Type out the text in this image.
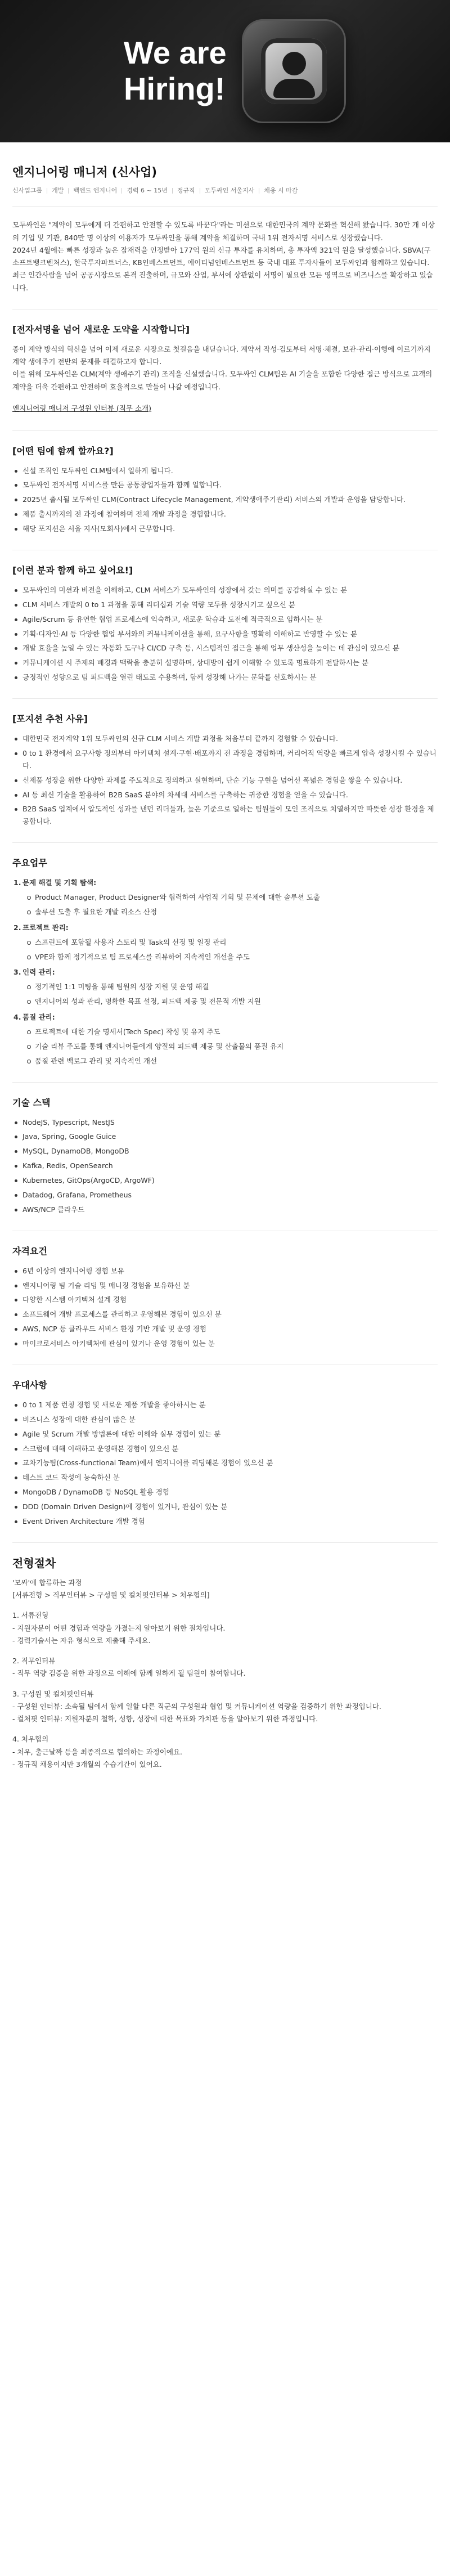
We are
Hiring!
엔지니어링 매니저 (신사업)
신사업그룹 개발 백엔드 엔지니어 경력 6 ~ 15년 정규직 모두싸인 서울지사 채용 시 마감

모두싸인은 "계약이 모두에게 더 간편하고 안전할 수 있도록 바꾼다"라는 미션으로 대한민국의 계약 문화를 혁신해 왔습니다. 30만 개 이상의 기업 및 기관, 840만 명 이상의 이용자가 모두싸인을 통해 계약을 체결하며 국내 1위 전자서명 서비스로 성장했습니다.

2024년 4월에는 빠른 성장과 높은 잠재력을 인정받아 177억 원의 신규 투자를 유치하며, 총 투자액 321억 원을 달성했습니다. SBVA(구 소프트뱅크벤처스), 한국투자파트너스, KB인베스트먼트, 에이티넘인베스트먼트 등 국내 대표 투자사들이 모두싸인과 함께하고 있습니다.

최근 인간사람을 넘어 공공시장으로 본격 진출하며, 규모와 산업, 부서에 상관없이 서명이 필요한 모든 영역으로 비즈니스를 확장하고 있습니다.

[전자서명을 넘어 새로운 도약을 시작합니다]

종이 계약 방식의 혁신을 넘어 이제 새로운 시장으로 첫걸음을 내딛습니다. 계약서 작성·검토부터 서명·체결, 보관·관리·이행에 이르기까지 계약 생애주기 전반의 문제를 해결하고자 합니다.

이를 위해 모두싸인은 CLM(계약 생애주기 관리) 조직을 신설했습니다. 모두싸인 CLM팀은 AI 기술을 포함한 다양한 접근 방식으로 고객의 계약을 더욱 간편하고 안전하며 효율적으로 만들어 나갈 예정입니다.

엔지니어링 매니저 구성원 인터뷰 (직무 소개)
[어떤 팀에 함께 할까요?]
신설 조직인 모두싸인 CLM팀에서 일하게 됩니다.
모두싸인 전자서명 서비스를 만든 공동창업자들과 함께 일합니다.
2025년 출시될 모두싸인 CLM(Contract Lifecycle Management, 계약생애주기관리) 서비스의 개발과 운영을 담당합니다.
제품 출시까지의 전 과정에 참여하며 전체 개발 과정을 경험합니다.
해당 포지션은 서울 지사(모회사)에서 근무합니다.
[이런 분과 함께 하고 싶어요!]
모두싸인의 미션과 비전을 이해하고, CLM 서비스가 모두싸인의 성장에서 갖는 의미를 공감하실 수 있는 분
CLM 서비스 개발의 0 to 1 과정을 통해 리더십과 기술 역량 모두를 성장시키고 싶으신 분
Agile/Scrum 등 유연한 협업 프로세스에 익숙하고, 새로운 학습과 도전에 적극적으로 임하시는 분
기획·디자인·AI 등 다양한 협업 부서와의 커뮤니케이션을 통해, 요구사항을 명확히 이해하고 반영할 수 있는 분
개발 효율을 높일 수 있는 자동화 도구나 CI/CD 구축 등, 시스템적인 접근을 통해 업무 생산성을 높이는 데 관심이 있으신 분
커뮤니케이션 시 주제의 배경과 맥락을 충분히 설명하며, 상대방이 쉽게 이해할 수 있도록 명료하게 전달하시는 분
긍정적인 성향으로 팀 피드백을 열린 태도로 수용하며, 함께 성장해 나가는 문화를 선호하시는 분
[포지션 추천 사유]
대한민국 전자계약 1위 모두싸인의 신규 CLM 서비스 개발 과정을 처음부터 끝까지 경험할 수 있습니다.
0 to 1 환경에서 요구사항 정의부터 아키텍처 설계·구현·배포까지 전 과정을 경험하며, 커리어적 역량을 빠르게 압축 성장시킬 수 있습니다.
신제품 성장을 위한 다양한 과제를 주도적으로 정의하고 실현하며, 단순 기능 구현을 넘어선 폭넓은 경험을 쌓을 수 있습니다.
AI 등 최신 기술을 활용하여 B2B SaaS 분야의 차세대 서비스를 구축하는 귀중한 경험을 얻을 수 있습니다.
B2B SaaS 업계에서 압도적인 성과를 낸던 리더들과, 높은 기준으로 일하는 팀원들이 모인 조직으로 치열하지만 따뜻한 성장 환경을 제공합니다.
주요업무
1. 문제 해결 및 기획 탐색:
Product Manager, Product Designer와 협력하여 사업적 기회 및 문제에 대한 솔루션 도출
솔루션 도출 후 필요한 개발 리소스 산정
2. 프로젝트 관리:
스프린트에 포함될 사용자 스토리 및 Task의 선정 및 일정 관리
VPE와 함께 정기적으로 팀 프로세스를 리뷰하여 지속적인 개선을 주도
3. 인력 관리:
정기적인 1:1 미팅을 통해 팀원의 성장 지원 및 운영 해결
엔지니어의 성과 관리, 명확한 목표 설정, 피드백 제공 및 전문적 개발 지원
4. 품질 관리:
프로젝트에 대한 기술 명세서(Tech Spec) 작성 및 유지 주도
기술 리뷰 주도를 통해 엔지니어들에게 양질의 피드백 제공 및 산출물의 품질 유지
품질 관련 백로그 관리 및 지속적인 개선
기술 스택
NodeJS, Typescript, NestJS
Java, Spring, Google Guice
MySQL, DynamoDB, MongoDB
Kafka, Redis, OpenSearch
Kubernetes, GitOps(ArgoCD, ArgoWF)
Datadog, Grafana, Prometheus
AWS/NCP 클라우드
자격요건
6년 이상의 엔지니어링 경험 보유
엔지니어링 팀 기술 리딩 및 매니징 경험을 보유하신 분
다양한 시스템 아키텍처 설계 경험
소프트웨어 개발 프로세스를 관리하고 운영해본 경험이 있으신 분
AWS, NCP 등 클라우드 서비스 환경 기반 개발 및 운영 경험
마이크로서비스 아키텍처에 관심이 있거나 운영 경험이 있는 분
우대사항
0 to 1 제품 런칭 경험 및 새로운 제품 개발을 좋아하시는 분
비즈니스 성장에 대한 관심이 많은 분
Agile 및 Scrum 개발 방법론에 대한 이해와 실무 경험이 있는 분
스크럼에 대해 이해하고 운영해본 경험이 있으신 분
교차기능팀(Cross-functional Team)에서 엔지니어를 리딩해본 경험이 있으신 분
테스트 코드 작성에 능숙하신 분
MongoDB / DynamoDB 등 NoSQL 활용 경험
DDD (Domain Driven Design)에 경험이 있거나, 관심이 있는 분
Event Driven Architecture 개발 경험
전형절차

'모싸'에 합류하는 과정

[서류전형 > 직무인터뷰 > 구성원 및 컬처핏인터뷰 > 처우협의]

1. 서류전형

- 지원자분이 어떤 경험과 역량을 가졌는지 알아보기 위한 절차입니다.

- 경력기술서는 자유 형식으로 제출해 주세요.

2. 직무인터뷰

- 직무 역량 검증을 위한 과정으로 이해에 함께 일하게 될 팀원이 참여합니다.

3. 구성원 및 컬처핏인터뷰

- 구성원 인터뷰: 소속될 팀에서 함께 일할 다른 직군의 구성원과 협업 및 커뮤니케이션 역량을 검증하기 위한 과정입니다.

- 컬처핏 인터뷰: 지원자분의 철학, 성향, 성장에 대한 목표와 가치관 등을 알아보기 위한 과정입니다.

4. 처우협의

- 처우, 출근날짜 등을 최종적으로 협의하는 과정이에요.

- 정규직 채용이지만 3개월의 수습기간이 있어요.
